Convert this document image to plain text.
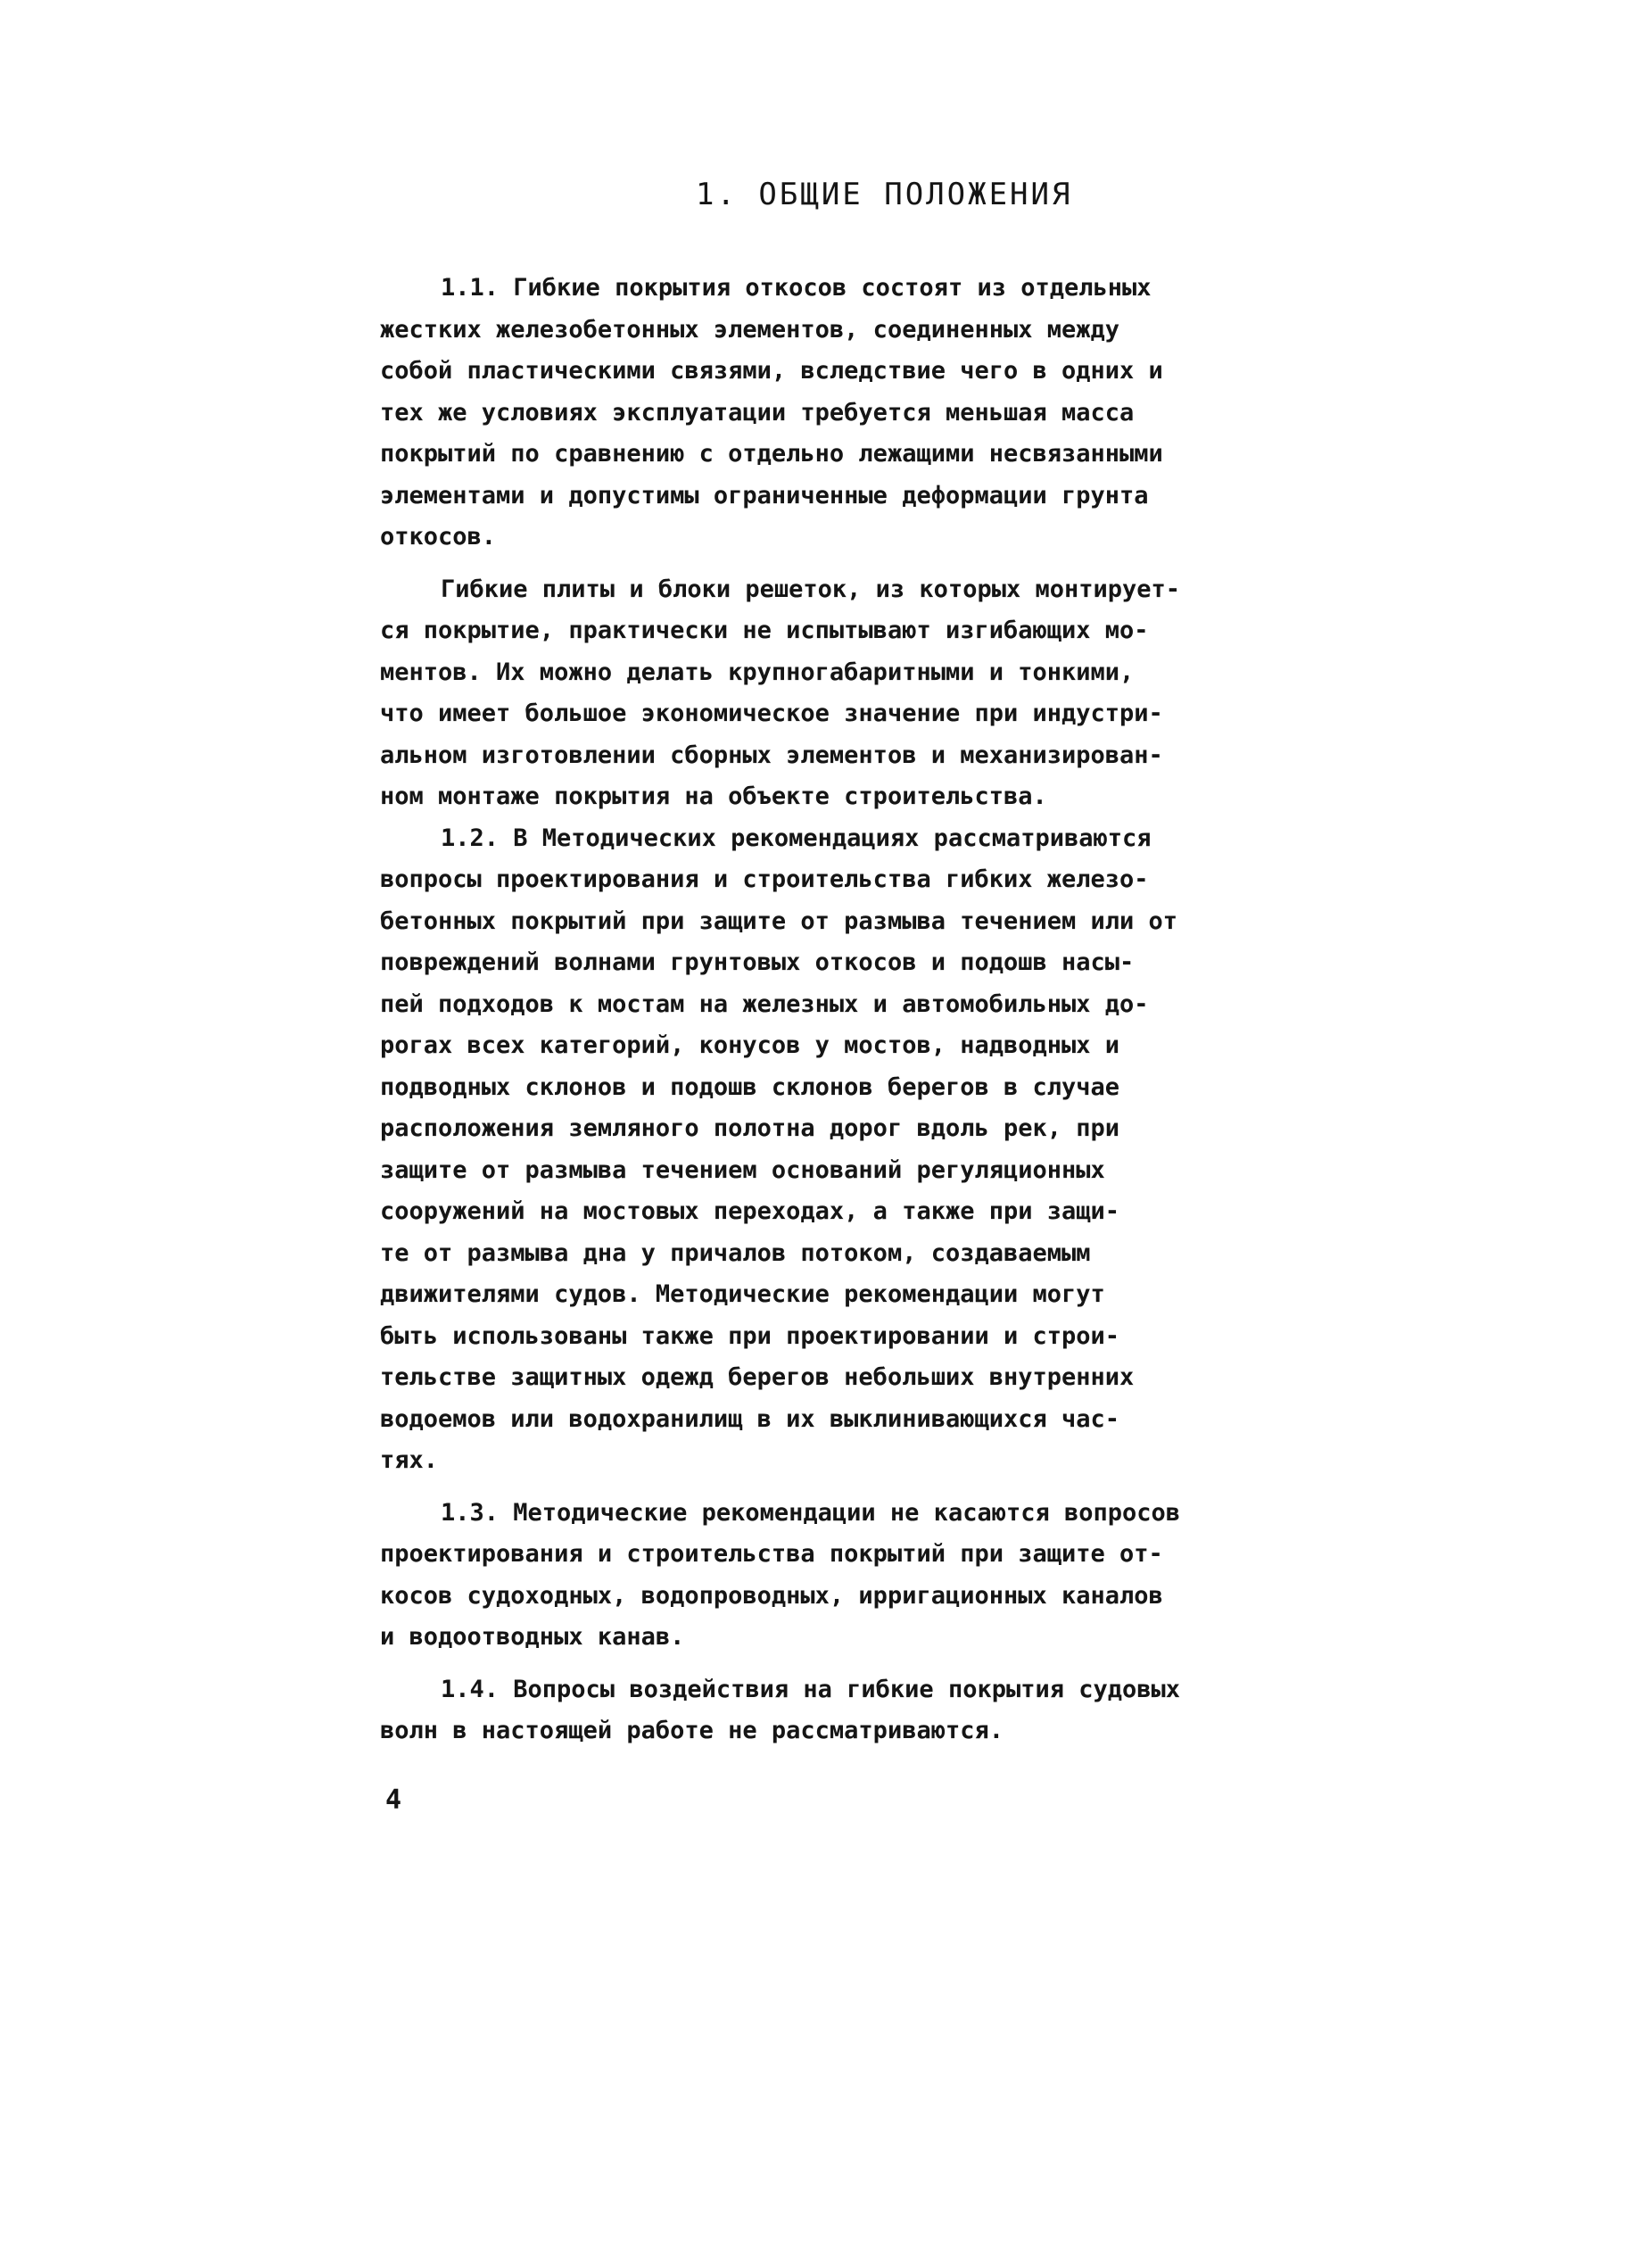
1. ОБЩИЕ ПОЛОЖЕНИЯ
1.1. Гибкие покрытия откосов состоят из отдельных
жестких железобетонных элементов, соединенных между
собой пластическими связями, вследствие чего в одних и
тех же условиях эксплуатации требуется меньшая масса
покрытий по сравнению с отдельно лежащими несвязанными
элементами и допустимы ограниченные деформации грунта
откосов.
Гибкие плиты и блоки решеток, из которых монтирует-
ся покрытие, практически не испытывают изгибающих мо-
ментов. Их можно делать крупногабаритными и тонкими,
что имеет большое экономическое значение при индустри-
альном изготовлении сборных элементов и механизирован-
ном монтаже покрытия на объекте строительства.
1.2. В Методических рекомендациях рассматриваются
вопросы проектирования и строительства гибких железо-
бетонных покрытий при защите от размыва течением или от
повреждений волнами грунтовых откосов и подошв насы-
пей подходов к мостам на железных и автомобильных до-
рогах всех категорий, конусов у мостов, надводных и
подводных склонов и подошв склонов берегов в случае
расположения земляного полотна дорог вдоль рек, при
защите от размыва течением оснований регуляционных
сооружений на мостовых переходах, а также при защи-
те от размыва дна у причалов потоком, создаваемым
движителями судов. Методические рекомендации могут
быть использованы также при проектировании и строи-
тельстве защитных одежд берегов небольших внутренних
водоемов или водохранилищ в их выклинивающихся час-
тях.
1.3. Методические рекомендации не касаются вопросов
проектирования и строительства покрытий при защите от-
косов судоходных, водопроводных, ирригационных каналов
и водоотводных канав.
1.4. Вопросы воздействия на гибкие покрытия судовых
волн в настоящей работе не рассматриваются.
4
